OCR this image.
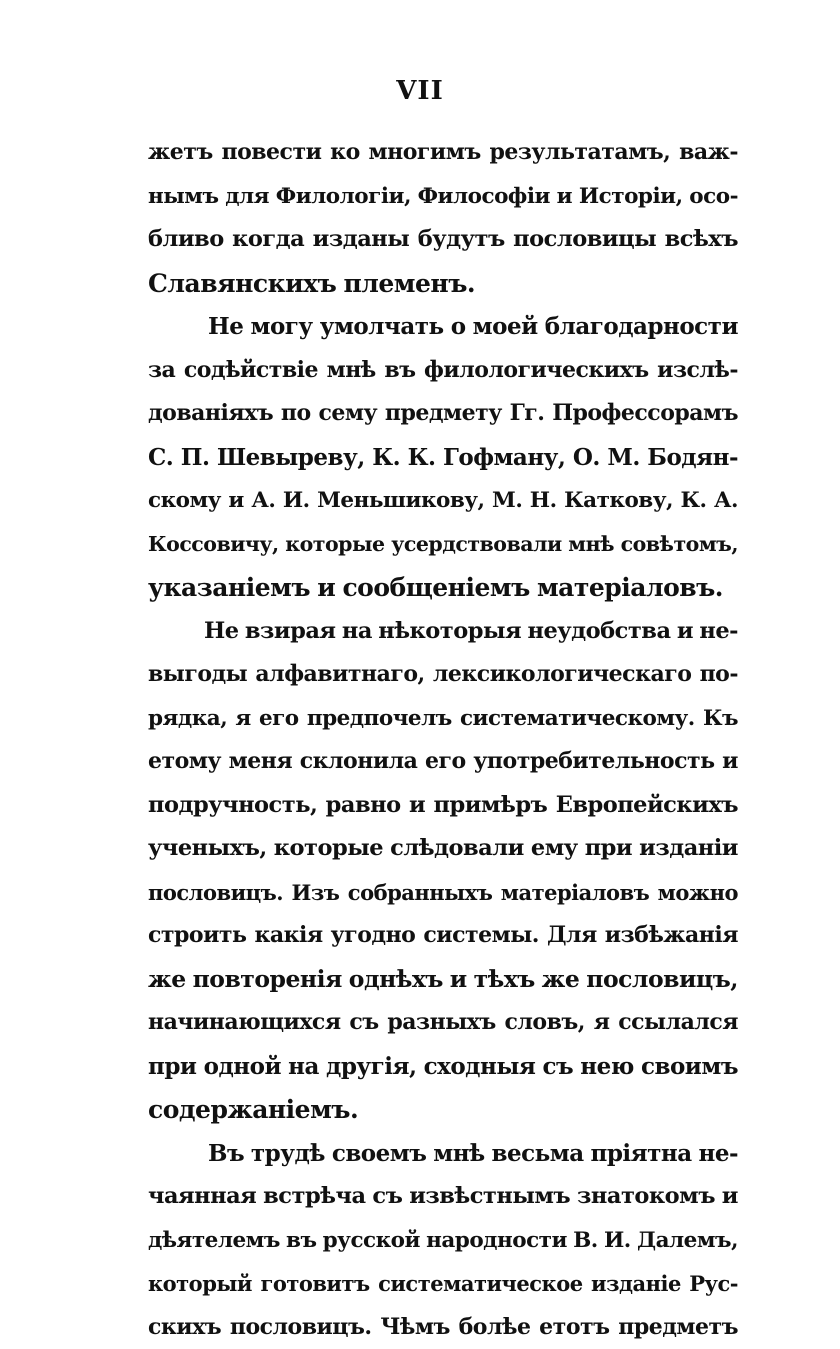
VII
жетъ повести ко многимъ результатамъ, важ-
нымъ для Филологіи, Философіи и Исторіи, осо-
бливо когда изданы будутъ пословицы всѣхъ
Славянскихъ племенъ.
Не могу умолчать о моей благодарности
за содѣйствіе мнѣ въ филологическихъ изслѣ-
дованіяхъ по сему предмету Гг. Профессорамъ
С. П. Шевыреву, К. К. Гофману, О. М. Бодян-
скому и А. И. Меньшикову, М. Н. Каткову, К. А.
Коссовичу, которые усердствовали мнѣ совѣтомъ,
указаніемъ и сообщеніемъ матеріаловъ.
Не взирая на нѣкоторыя неудобства и не-
выгоды алфавитнаго, лексикологическаго по-
рядка, я его предпочелъ систематическому. Къ
етому меня склонила его употребительность и
подручность, равно и примѣръ Европейскихъ
ученыхъ, которые слѣдовали ему при изданіи
пословицъ. Изъ собранныхъ матеріаловъ можно
строить какія угодно системы. Для избѣжанія
же повторенія однѣхъ и тѣхъ же пословицъ,
начинающихся съ разныхъ словъ, я ссылался
при одной на другія, сходныя съ нею своимъ
содержаніемъ.
Въ трудѣ своемъ мнѣ весьма пріятна не-
чаянная встрѣча съ извѣстнымъ знатокомъ и
дѣятелемъ въ русской народности В. И. Далемъ,
который готовитъ систематическое изданіе Рус-
скихъ пословицъ. Чѣмъ болѣе етотъ предметъ
